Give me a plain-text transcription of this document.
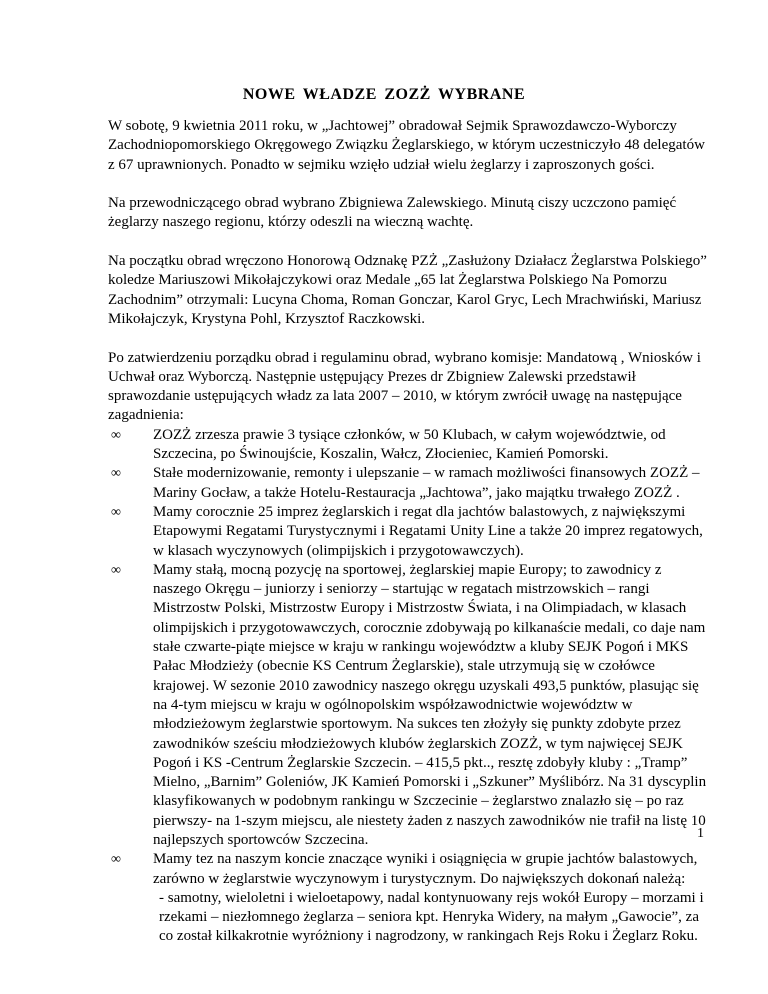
NOWE WŁADZE ZOZŻ WYBRANE

W sobotę, 9 kwietnia 2011 roku, w „Jachtowej” obradował Sejmik Sprawozdawczo-Wyborczy Zachodniopomorskiego Okręgowego Związku Żeglarskiego, w którym uczestniczyło 48 delegatów z 67 uprawnionych. Ponadto w sejmiku wzięło udział wielu żeglarzy i zaproszonych gości.

Na przewodniczącego obrad wybrano Zbigniewa Zalewskiego. Minutą ciszy uczczono pamięć żeglarzy naszego regionu, którzy odeszli na wieczną wachtę.

Na początku obrad wręczono Honorową Odznakę PZŻ „Zasłużony Działacz Żeglarstwa Polskiego” koledze Mariuszowi Mikołajczykowi oraz Medale „65 lat Żeglarstwa Polskiego Na Pomorzu Zachodnim” otrzymali: Lucyna Choma, Roman Gonczar, Karol Gryc, Lech Mrachwiński, Mariusz Mikołajczyk, Krystyna Pohl, Krzysztof Raczkowski.

Po zatwierdzeniu porządku obrad i regulaminu obrad, wybrano komisje: Mandatową , Wniosków i Uchwał oraz Wyborczą. Następnie ustępujący Prezes dr Zbigniew Zalewski przedstawił sprawozdanie ustępujących władz za lata 2007 – 2010, w którym zwrócił uwagę na następujące zagadnienia:

∞ ZOZŻ zrzesza prawie 3 tysiące członków, w 50 Klubach, w całym województwie, od Szczecina, po Świnoujście, Koszalin, Wałcz, Złocieniec, Kamień Pomorski.
∞ Stałe modernizowanie, remonty i ulepszanie – w ramach możliwości finansowych ZOZŻ – Mariny Gocław, a także Hotelu-Restauracja „Jachtowa”, jako majątku trwałego ZOZŻ .
∞ Mamy corocznie 25 imprez żeglarskich i regat dla jachtów balastowych, z największymi Etapowymi Regatami Turystycznymi i Regatami Unity Line a także 20 imprez regatowych, w klasach wyczynowych (olimpijskich i przygotowawczych).
∞ Mamy stałą, mocną pozycję na sportowej, żeglarskiej mapie Europy; to zawodnicy z naszego Okręgu – juniorzy i seniorzy – startując w regatach mistrzowskich – rangi Mistrzostw Polski, Mistrzostw Europy i Mistrzostw Świata, i na Olimpiadach, w klasach olimpijskich i przygotowawczych, corocznie zdobywają po kilkanaście medali, co daje nam stałe czwarte-piąte miejsce w kraju w rankingu województw a kluby SEJK Pogoń i MKS Pałac Młodzieży (obecnie KS Centrum Żeglarskie), stale utrzymują się w czołówce krajowej. W sezonie 2010 zawodnicy naszego okręgu uzyskali 493,5 punktów, plasując się na 4-tym miejscu w kraju w ogólnopolskim współzawodnictwie województw w młodzieżowym żeglarstwie sportowym. Na sukces ten złożyły się punkty zdobyte przez zawodników sześciu młodzieżowych klubów żeglarskich ZOZŻ, w tym najwięcej SEJK Pogoń i KS -Centrum Żeglarskie Szczecin. – 415,5 pkt.., resztę zdobyły kluby : „Tramp” Mielno, „Barnim” Goleniów, JK Kamień Pomorski i „Szkuner” Myślibórz. Na 31 dyscyplin klasyfikowanych w podobnym rankingu w Szczecinie – żeglarstwo znalazło się – po raz pierwszy- na 1-szym miejscu, ale niestety żaden z naszych zawodników nie trafił na listę 10 najlepszych sportowców Szczecina.
∞ Mamy tez na naszym koncie znaczące wyniki i osiągnięcia w grupie jachtów balastowych, zarówno w żeglarstwie wyczynowym i turystycznym. Do największych dokonań należą:
- samotny, wieloletni i wieloetapowy, nadal kontynuowany rejs wokół Europy – morzami i rzekami – niezłomnego żeglarza – seniora kpt. Henryka Widery, na małym „Gawocie”, za co został kilkakrotnie wyróżniony i nagrodzony, w rankingach Rejs Roku i Żeglarz Roku.
1
